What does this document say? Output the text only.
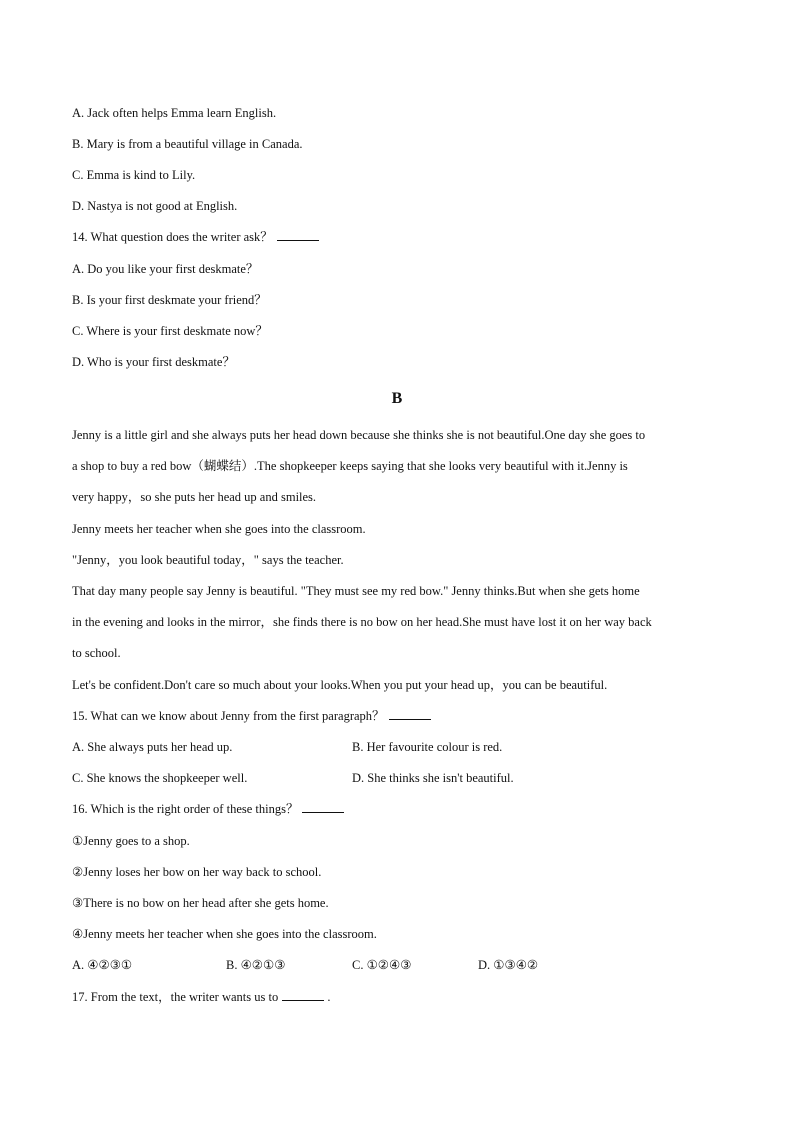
A. Jack often helps Emma learn English.
B. Mary is from a beautiful village in Canada.
C. Emma is kind to Lily.
D. Nastya is not good at English.
14. What question does the writer ask？
A. Do you like your first deskmate？
B. Is your first deskmate your friend？
C. Where is your first deskmate now？
D. Who is your first deskmate？
B
Jenny is a little girl and she always puts her head down because she thinks she is not beautiful.One day she goes to
a shop to buy a red bow（蝴蝶结）.The shopkeeper keeps saying that she looks very beautiful with it.Jenny is
very happy，so she puts her head up and smiles.
Jenny meets her teacher when she goes into the classroom.
"Jenny，you look beautiful today，" says the teacher.
That day many people say Jenny is beautiful. "They must see my red bow." Jenny thinks.But when she gets home
in the evening and looks in the mirror，she finds there is no bow on her head.She must have lost it on her way back
to school.
Let's be confident.Don't care so much about your looks.When you put your head up，you can be beautiful.
15. What can we know about Jenny from the first paragraph？
A. She always puts her head up.	B. Her favourite colour is red.
C. She knows the shopkeeper well.	D. She thinks she isn't beautiful.
16. Which is the right order of these things？
①Jenny goes to a shop.
②Jenny loses her bow on her way back to school.
③There is no bow on her head after she gets home.
④Jenny meets her teacher when she goes into the classroom.
A. ④②③①	B. ④②①③	C. ①②④③	D. ①③④②
17. From the text，the writer wants us to	.
